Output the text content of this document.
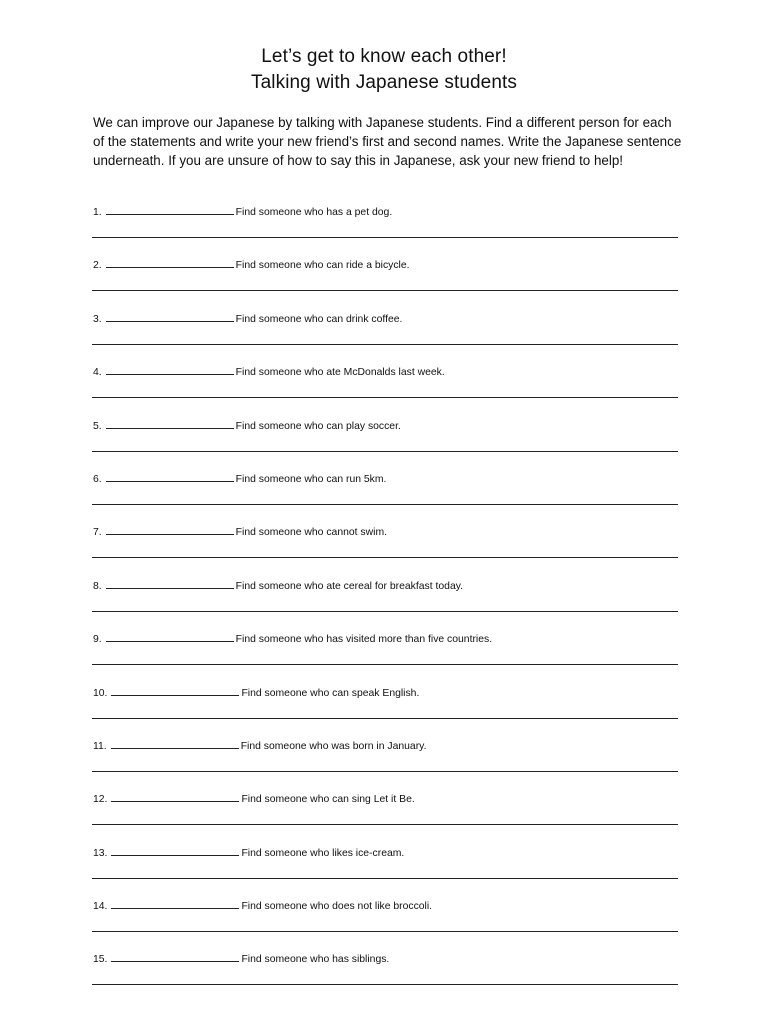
Let’s get to know each other!
Talking with Japanese students

We can improve our Japanese by talking with Japanese students. Find a different person for each of the statements and write your new friend’s first and second names. Write the Japanese sentence underneath. If you are unsure of how to say this in Japanese, ask your new friend to help!

1.	Find someone who has a pet dog.
2.	Find someone who can ride a bicycle.
3.	Find someone who can drink coffee.
4.	Find someone who ate McDonalds last week.
5.	Find someone who can play soccer.
6.	Find someone who can run 5km.
7.	Find someone who cannot swim.
8.	Find someone who ate cereal for breakfast today.
9.	Find someone who has visited more than five countries.
10.	Find someone who can speak English.
11.	Find someone who was born in January.
12.	Find someone who can sing Let it Be.
13.	Find someone who likes ice-cream.
14.	Find someone who does not like broccoli.
15.	Find someone who has siblings.
